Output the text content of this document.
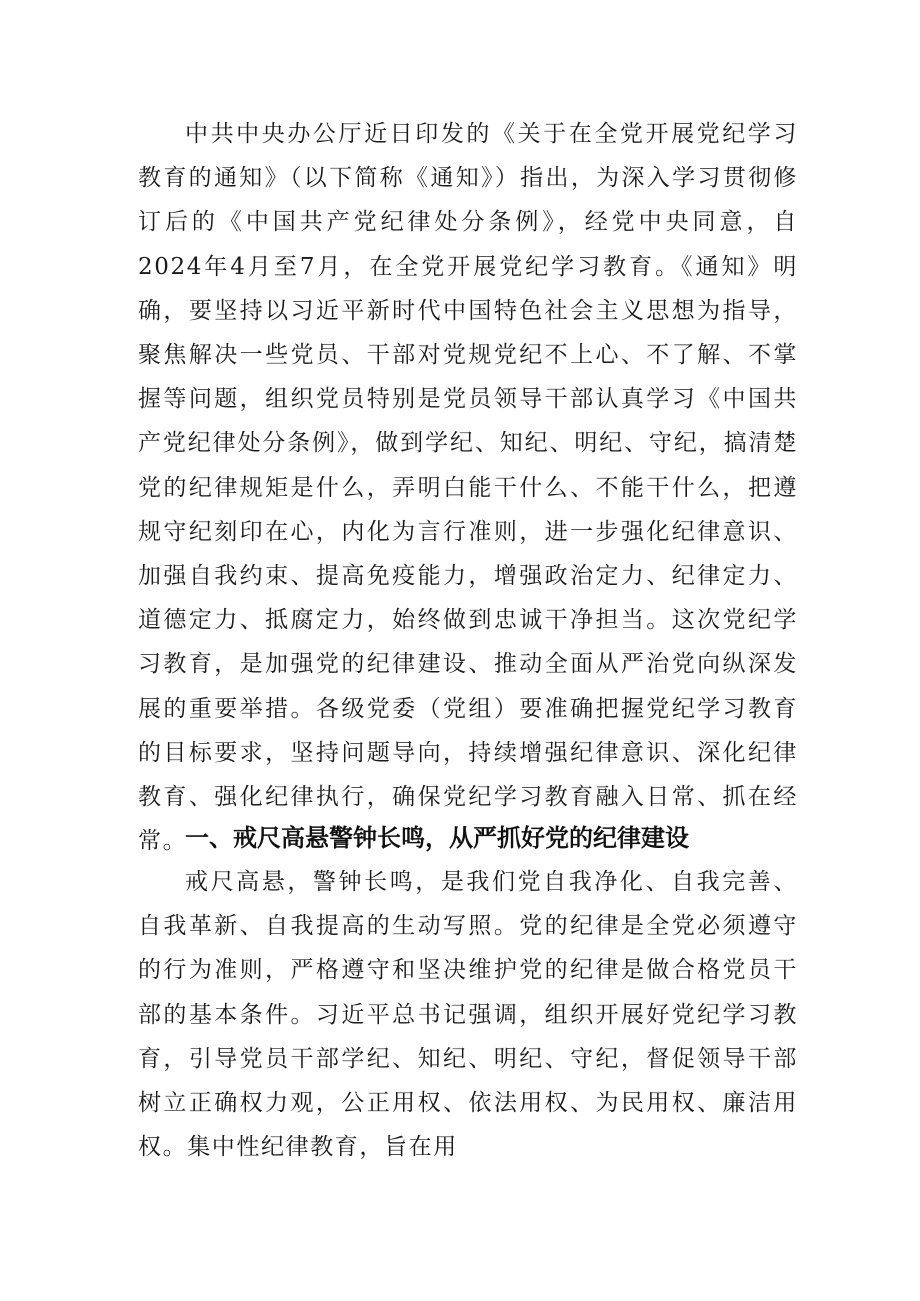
中共中央办公厅近日印发的《关于在全党开展党纪学习教育的通知》（以下简称《通知》）指出，为深入学习贯彻修订后的《中国共产党纪律处分条例》，经党中央同意，自2024年4月至7月，在全党开展党纪学习教育。《通知》明确，要坚持以习近平新时代中国特色社会主义思想为指导，聚焦解决一些党员、干部对党规党纪不上心、不了解、不掌握等问题，组织党员特别是党员领导干部认真学习《中国共产党纪律处分条例》，做到学纪、知纪、明纪、守纪，搞清楚党的纪律规矩是什么，弄明白能干什么、不能干什么，把遵规守纪刻印在心，内化为言行准则，进一步强化纪律意识、加强自我约束、提高免疫能力，增强政治定力、纪律定力、道德定力、抵腐定力，始终做到忠诚干净担当。这次党纪学习教育，是加强党的纪律建设、推动全面从严治党向纵深发展的重要举措。各级党委（党组）要准确把握党纪学习教育的目标要求，坚持问题导向，持续增强纪律意识、深化纪律教育、强化纪律执行，确保党纪学习教育融入日常、抓在经常。

一、戒尺高悬警钟长鸣，从严抓好党的纪律建设

戒尺高悬，警钟长鸣，是我们党自我净化、自我完善、自我革新、自我提高的生动写照。党的纪律是全党必须遵守的行为准则，严格遵守和坚决维护党的纪律是做合格党员干部的基本条件。习近平总书记强调，组织开展好党纪学习教育，引导党员干部学纪、知纪、明纪、守纪，督促领导干部树立正确权力观，公正用权、依法用权、为民用权、廉洁用权。集中性纪律教育，旨在用
